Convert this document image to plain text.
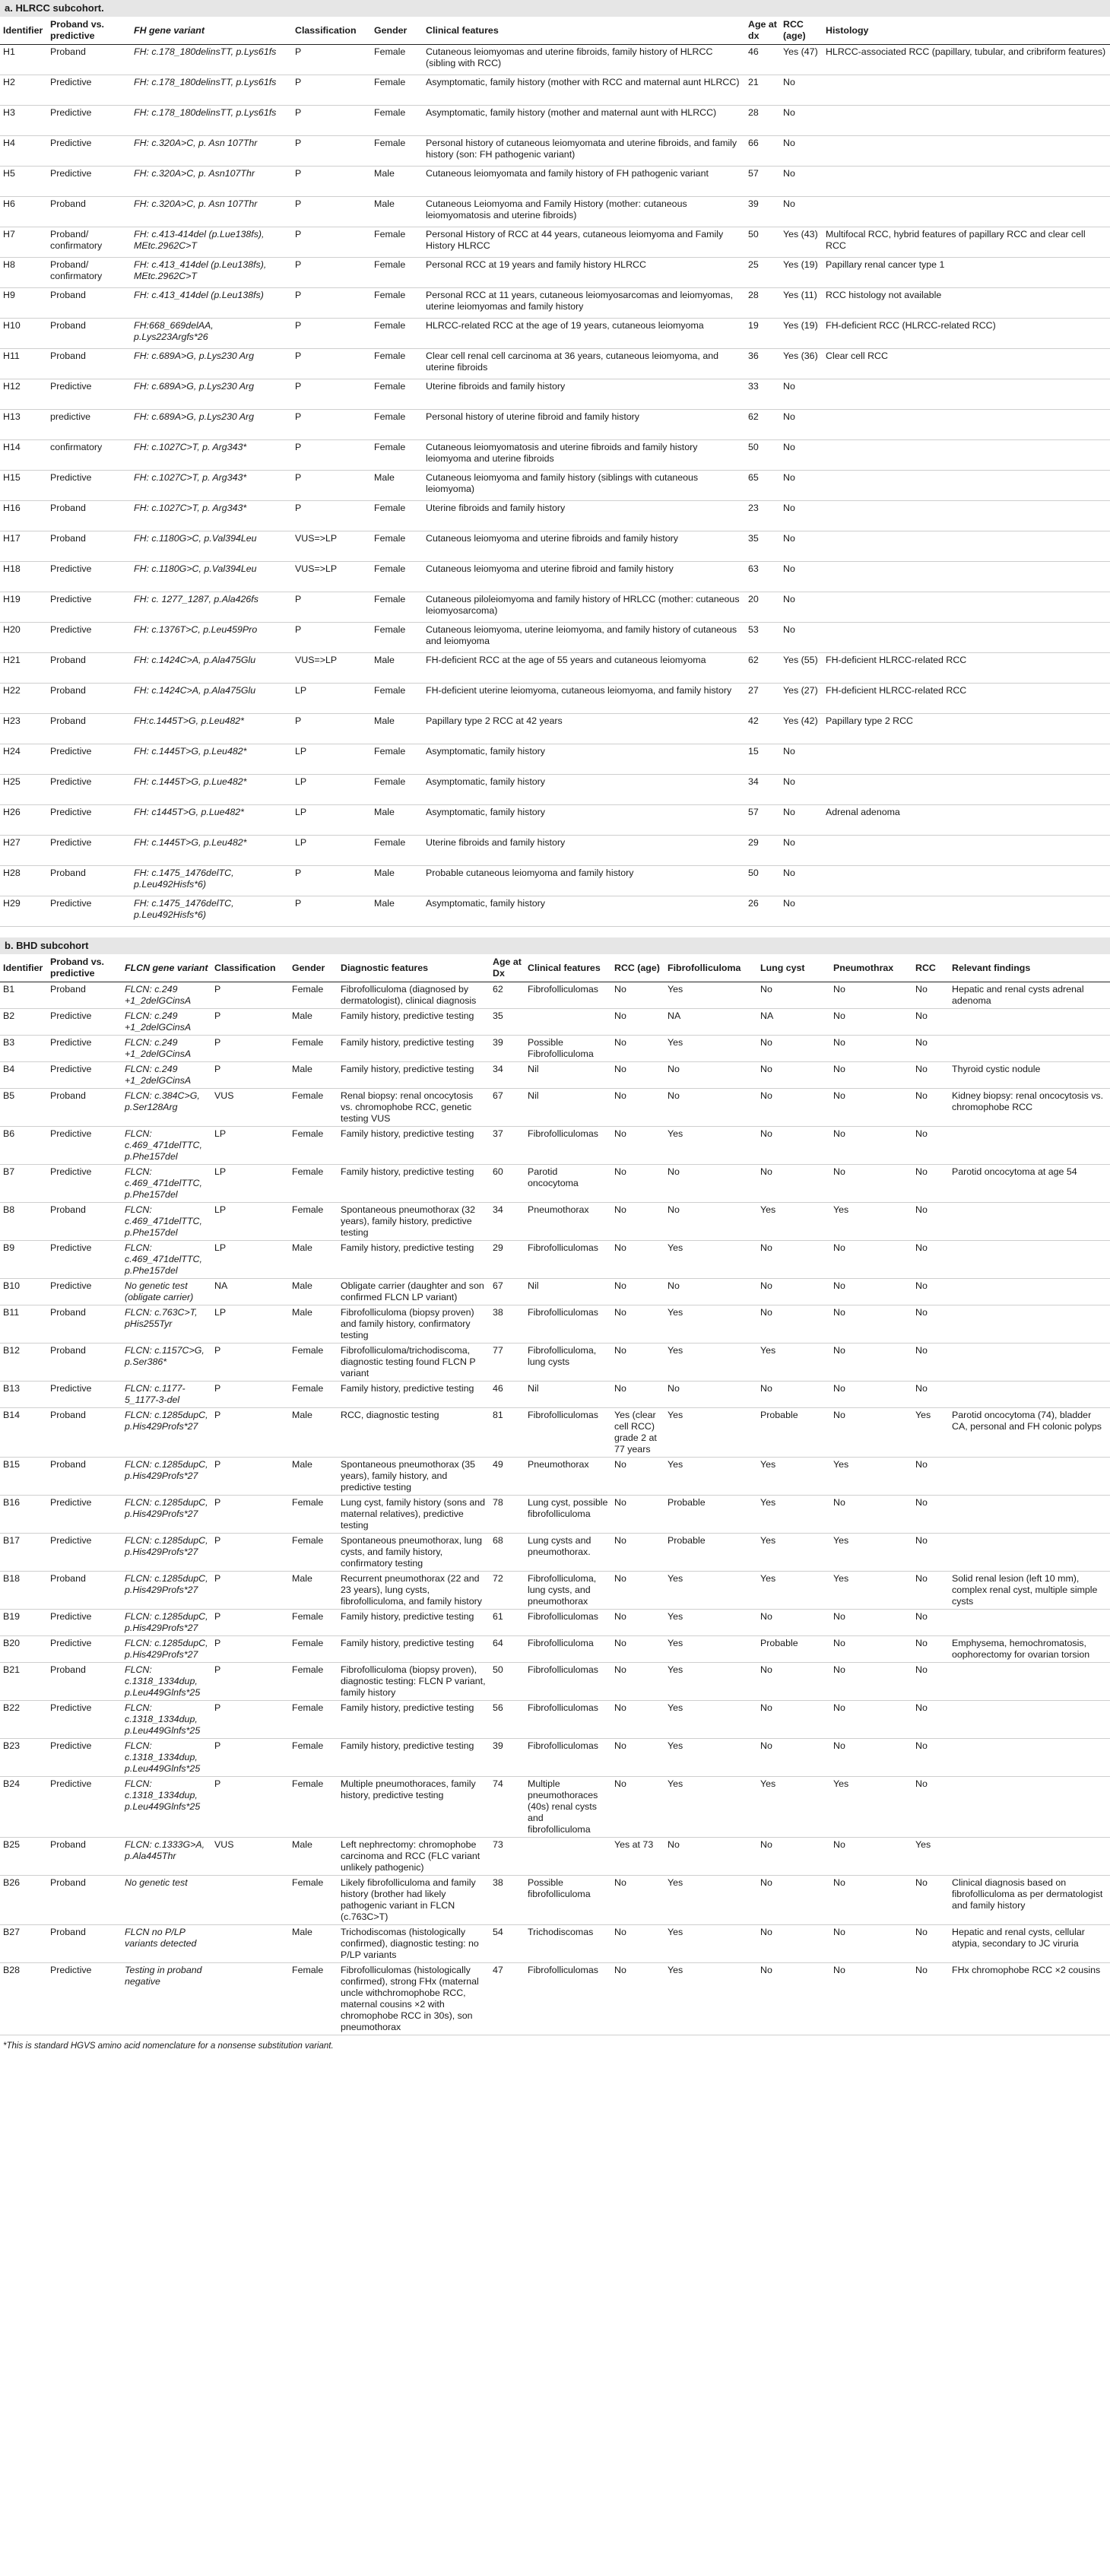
a. HLRCC subcohort.
Identifier	Proband vs. predictive	FH gene variant	Classification	Gender	Clinical features	Age at dx	RCC (age)	Histology
H1	Proband	FH: c.178_180delinsTT, p.Lys61fs	P	Female	Cutaneous leiomyomas and uterine fibroids, family history of HLRCC (sibling with RCC)	46	Yes (47)	HLRCC-associated RCC (papillary, tubular, and cribriform features)
H2	Predictive	FH: c.178_180delinsTT, p.Lys61fs	P	Female	Asymptomatic, family history (mother with RCC and maternal aunt HLRCC)	21	No	
H3	Predictive	FH: c.178_180delinsTT, p.Lys61fs	P	Female	Asymptomatic, family history (mother and maternal aunt with HLRCC)	28	No	
H4	Predictive	FH: c.320A>C, p. Asn 107Thr	P	Female	Personal history of cutaneous leiomyomata and uterine fibroids, and family history (son: FH pathogenic variant)	66	No	
H5	Predictive	FH: c.320A>C, p. Asn107Thr	P	Male	Cutaneous leiomyomata and family history of FH pathogenic variant	57	No	
H6	Proband	FH: c.320A>C, p. Asn 107Thr	P	Male	Cutaneous Leiomyoma and Family History (mother: cutaneous leiomyomatosis and uterine fibroids)	39	No	
H7	Proband/ confirmatory	FH: c.413-414del (p.Lue138fs), MEtc.2962C>T	P	Female	Personal History of RCC at 44 years, cutaneous leiomyoma and Family History HLRCC	50	Yes (43)	Multifocal RCC, hybrid features of papillary RCC and clear cell RCC
H8	Proband/ confirmatory	FH: c.413_414del (p.Leu138fs), MEtc.2962C>T	P	Female	Personal RCC at 19 years and family history HLRCC	25	Yes (19)	Papillary renal cancer type 1
H9	Proband	FH: c.413_414del (p.Leu138fs)	P	Female	Personal RCC at 11 years, cutaneous leiomyosarcomas and leiomyomas, uterine leiomyomas and family history	28	Yes (11)	RCC histology not available
H10	Proband	FH:668_669delAA, p.Lys223Argfs*26	P	Female	HLRCC-related RCC at the age of 19 years, cutaneous leiomyoma	19	Yes (19)	FH-deficient RCC (HLRCC-related RCC)
H11	Proband	FH: c.689A>G, p.Lys230 Arg	P	Female	Clear cell renal cell carcinoma at 36 years, cutaneous leiomyoma, and uterine fibroids	36	Yes (36)	Clear cell RCC
H12	Predictive	FH: c.689A>G, p.Lys230 Arg	P	Female	Uterine fibroids and family history	33	No	
H13	predictive	FH: c.689A>G, p.Lys230 Arg	P	Female	Personal history of uterine fibroid and family history	62	No	
H14	confirmatory	FH: c.1027C>T, p. Arg343*	P	Female	Cutaneous leiomyomatosis and uterine fibroids and family history leiomyoma and uterine fibroids	50	No	
H15	Predictive	FH: c.1027C>T, p. Arg343*	P	Male	Cutaneous leiomyoma and family history (siblings with cutaneous leiomyoma)	65	No	
H16	Proband	FH: c.1027C>T, p. Arg343*	P	Female	Uterine fibroids and family history	23	No	
H17	Proband	FH: c.1180G>C, p.Val394Leu	VUS=>LP	Female	Cutaneous leiomyoma and uterine fibroids and family history	35	No	
H18	Predictive	FH: c.1180G>C, p.Val394Leu	VUS=>LP	Female	Cutaneous leiomyoma and uterine fibroid and family history	63	No	
H19	Predictive	FH: c. 1277_1287, p.Ala426fs	P	Female	Cutaneous piloleiomyoma and family history of HRLCC (mother: cutaneous leiomyosarcoma)	20	No	
H20	Predictive	FH: c.1376T>C, p.Leu459Pro	P	Female	Cutaneous leiomyoma, uterine leiomyoma, and family history of cutaneous and leiomyoma	53	No	
H21	Proband	FH: c.1424C>A, p.Ala475Glu	VUS=>LP	Male	FH-deficient RCC at the age of 55 years and cutaneous leiomyoma	62	Yes (55)	FH-deficient HLRCC-related RCC
H22	Proband	FH: c.1424C>A, p.Ala475Glu	LP	Female	FH-deficient uterine leiomyoma, cutaneous leiomyoma, and family history	27	Yes (27)	FH-deficient HLRCC-related RCC
H23	Proband	FH:c.1445T>G, p.Leu482*	P	Male	Papillary type 2 RCC at 42 years	42	Yes (42)	Papillary type 2 RCC
H24	Predictive	FH: c.1445T>G, p.Leu482*	LP	Female	Asymptomatic, family history	15	No	
H25	Predictive	FH: c.1445T>G, p.Lue482*	LP	Female	Asymptomatic, family history	34	No	
H26	Predictive	FH: c1445T>G, p.Lue482*	LP	Male	Asymptomatic, family history	57	No	Adrenal adenoma
H27	Predictive	FH: c.1445T>G, p.Leu482*	LP	Female	Uterine fibroids and family history	29	No	
H28	Proband	FH: c.1475_1476delTC, p.Leu492Hisfs*6)	P	Male	Probable cutaneous leiomyoma and family history	50	No	
H29	Predictive	FH: c.1475_1476delTC, p.Leu492Hisfs*6)	P	Male	Asymptomatic, family history	26	No	
b. BHD subcohort
Identifier	Proband vs. predictive	FLCN gene variant	Classification	Gender	Diagnostic features	Age at Dx	Clinical features	RCC (age)	Fibrofolliculoma	Lung cyst	Pneumothrax	RCC	Relevant findings
B1	Proband	FLCN: c.249 +1_2delGCinsA	P	Female	Fibrofolliculoma (diagnosed by dermatologist), clinical diagnosis	62	Fibrofolliculomas	No	Yes	No	No	No	Hepatic and renal cysts adrenal adenoma
B2	Predictive	FLCN: c.249 +1_2delGCinsA	P	Male	Family history, predictive testing	35		No	NA	NA	No	No	
B3	Predictive	FLCN: c.249 +1_2delGCinsA	P	Female	Family history, predictive testing	39	Possible Fibrofolliculoma	No	Yes	No	No	No	
B4	Predictive	FLCN: c.249 +1_2delGCinsA	P	Male	Family history, predictive testing	34	Nil	No	No	No	No	No	Thyroid cystic nodule
B5	Proband	FLCN: c.384C>G, p.Ser128Arg	VUS	Female	Renal biopsy: renal oncocytosis vs. chromophobe RCC, genetic testing VUS	67	Nil	No	No	No	No	No	Kidney biopsy: renal oncocytosis vs. chromophobe RCC
B6	Predictive	FLCN: c.469_471delTTC, p.Phe157del	LP	Female	Family history, predictive testing	37	Fibrofolliculomas	No	Yes	No	No	No	
B7	Predictive	FLCN: c.469_471delTTC, p.Phe157del	LP	Female	Family history, predictive testing	60	Parotid oncocytoma	No	No	No	No	No	Parotid oncocytoma at age 54
B8	Proband	FLCN: c.469_471delTTC, p.Phe157del	LP	Female	Spontaneous pneumothorax (32 years), family history, predictive testing	34	Pneumothorax	No	No	Yes	Yes	No	
B9	Predictive	FLCN: c.469_471delTTC, p.Phe157del	LP	Male	Family history, predictive testing	29	Fibrofolliculomas	No	Yes	No	No	No	
B10	Predictive	No genetic test (obligate carrier)	NA	Male	Obligate carrier (daughter and son confirmed FLCN LP variant)	67	Nil	No	No	No	No	No	
B11	Proband	FLCN: c.763C>T, pHis255Tyr	LP	Male	Fibrofolliculoma (biopsy proven) and family history, confirmatory testing	38	Fibrofolliculomas	No	Yes	No	No	No	
B12	Proband	FLCN: c.1157C>G, p.Ser386*	P	Female	Fibrofolliculoma/trichodiscoma, diagnostic testing found FLCN P variant	77	Fibrofolliculoma, lung cysts	No	Yes	Yes	No	No	
B13	Predictive	FLCN: c.1177-5_1177-3-del	P	Female	Family history, predictive testing	46	Nil	No	No	No	No	No	
B14	Proband	FLCN: c.1285dupC, p.His429Profs*27	P	Male	RCC, diagnostic testing	81	Fibrofolliculomas	Yes (clear cell RCC) grade 2 at 77 years	Yes	Probable	No	Yes	Parotid oncocytoma (74), bladder CA, personal and FH colonic polyps
B15	Proband	FLCN: c.1285dupC, p.His429Profs*27	P	Male	Spontaneous pneumothorax (35 years), family history, and predictive testing	49	Pneumothorax	No	Yes	Yes	Yes	No	
B16	Predictive	FLCN: c.1285dupC, p.His429Profs*27	P	Female	Lung cyst, family history (sons and maternal relatives), predictive testing	78	Lung cyst, possible fibrofolliculoma	No	Probable	Yes	No	No	
B17	Predictive	FLCN: c.1285dupC, p.His429Profs*27	P	Female	Spontaneous pneumothorax, lung cysts, and family history, confirmatory testing	68	Lung cysts and pneumothorax.	No	Probable	Yes	Yes	No	
B18	Proband	FLCN: c.1285dupC, p.His429Profs*27	P	Male	Recurrent pneumothorax (22 and 23 years), lung cysts, fibrofolliculoma, and family history	72	Fibrofolliculoma, lung cysts, and pneumothorax	No	Yes	Yes	Yes	No	Solid renal lesion (left 10 mm), complex renal cyst, multiple simple cysts
B19	Predictive	FLCN: c.1285dupC, p.His429Profs*27	P	Female	Family history, predictive testing	61	Fibrofolliculomas	No	Yes	No	No	No	
B20	Predictive	FLCN: c.1285dupC, p.His429Profs*27	P	Female	Family history, predictive testing	64	Fibrofolliculoma	No	Yes	Probable	No	No	Emphysema, hemochromatosis, oophorectomy for ovarian torsion
B21	Proband	FLCN: c.1318_1334dup, p.Leu449Glnfs*25	P	Female	Fibrofolliculoma (biopsy proven), diagnostic testing: FLCN P variant, family history	50	Fibrofolliculomas	No	Yes	No	No	No	
B22	Predictive	FLCN: c.1318_1334dup, p.Leu449Glnfs*25	P	Female	Family history, predictive testing	56	Fibrofolliculomas	No	Yes	No	No	No	
B23	Predictive	FLCN: c.1318_1334dup, p.Leu449Glnfs*25	P	Female	Family history, predictive testing	39	Fibrofolliculomas	No	Yes	No	No	No	
B24	Predictive	FLCN: c.1318_1334dup, p.Leu449Glnfs*25	P	Female	Multiple pneumothoraces, family history, predictive testing	74	Multiple pneumothoraces (40s) renal cysts and fibrofolliculoma	No	Yes	Yes	Yes	No	
B25	Proband	FLCN: c.1333G>A, p.Ala445Thr	VUS	Male	Left nephrectomy: chromophobe carcinoma and RCC (FLC variant unlikely pathogenic)	73		Yes at 73	No	No	No	Yes	
B26	Proband	No genetic test		Female	Likely fibrofolliculoma and family history (brother had likely pathogenic variant in FLCN (c.763C>T)	38	Possible fibrofolliculoma	No	Yes	No	No	No	Clinical diagnosis based on fibrofolliculoma as per dermatologist and family history
B27	Proband	FLCN no P/LP variants detected		Male	Trichodiscomas (histologically confirmed), diagnostic testing: no P/LP variants	54	Trichodiscomas	No	Yes	No	No	No	Hepatic and renal cysts, cellular atypia, secondary to JC viruria
B28	Predictive	Testing in proband negative		Female	Fibrofolliculomas (histologically confirmed), strong FHx (maternal uncle withchromophobe RCC, maternal cousins ×2 with chromophobe RCC in 30s), son pneumothorax	47	Fibrofolliculomas	No	Yes	No	No	No	FHx chromophobe RCC ×2 cousins
*This is standard HGVS amino acid nomenclature for a nonsense substitution variant.
